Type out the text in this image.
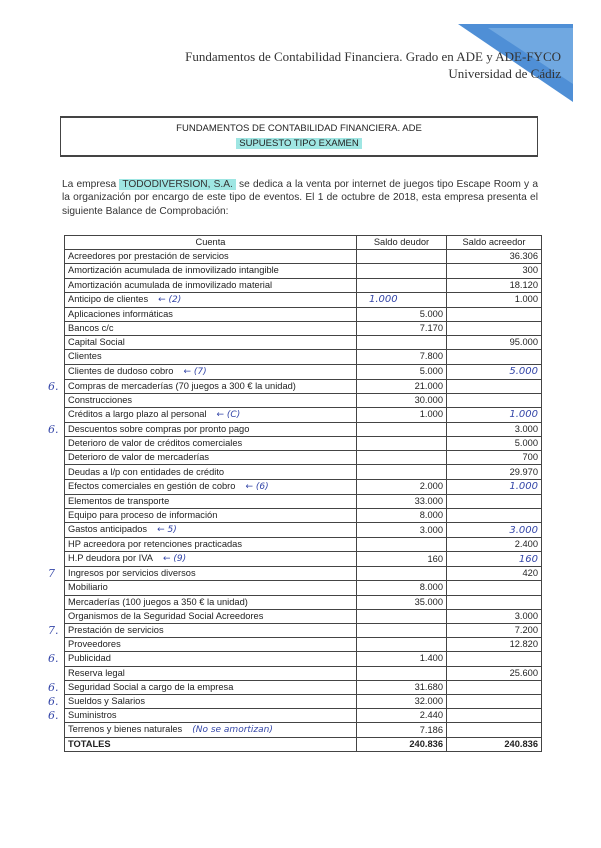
Fundamentos de Contabilidad Financiera. Grado en ADE y ADE-FYCO
Universidad de Cádiz
FUNDAMENTOS DE CONTABILIDAD FINANCIERA. ADE
SUPUESTO TIPO EXAMEN
La empresa TODODIVERSION, S.A. se dedica a la venta por internet de juegos tipo Escape Room y a la organización por encargo de este tipo de eventos. El 1 de octubre de 2018, esta empresa presenta el siguiente Balance de Comprobación:
Cuenta	Saldo deudor	Saldo acreedor
Acreedores por prestación de servicios		36.306
Amortización acumulada de inmovilizado intangible		300
Amortización acumulada de inmovilizado material		18.120
Anticipo de clientes ← (2)	1.000	1.000
Aplicaciones informáticas	5.000	
Bancos c/c	7.170	
Capital Social		95.000
Clientes	7.800	
Clientes de dudoso cobro ← (7)	5.000	5.000

6. Compras de mercaderías (70 juegos a 300 € la unidad)	21.000	
Construcciones	30.000	
Créditos a largo plazo al personal ← (C)	1.000	1.000

6. Descuentos sobre compras por pronto pago		3.000
Deterioro de valor de créditos comerciales		5.000
Deterioro de valor de mercaderías		700
Deudas a l/p con entidades de crédito		29.970
Efectos comerciales en gestión de cobro ← (6)	2.000	1.000
Elementos de transporte	33.000	
Equipo para proceso de información	8.000	
Gastos anticipados ← 5)	3.000	3.000
HP acreedora por retenciones practicadas		2.400
H.P deudora por IVA ← (9)	160	160

7 Ingresos por servicios diversos		420
Mobiliario	8.000	
Mercaderías (100 juegos a 350 € la unidad)	35.000	
Organismos de la Seguridad Social Acreedores		3.000

7. Prestación de servicios		7.200
Proveedores		12.820

6. Publicidad	1.400	
Reserva legal		25.600

6. Seguridad Social a cargo de la empresa	31.680	

6. Sueldos y Salarios	32.000	

6. Suministros	2.440	
Terrenos y bienes naturales (No se amortizan)	7.186	
TOTALES	240.836	240.836
